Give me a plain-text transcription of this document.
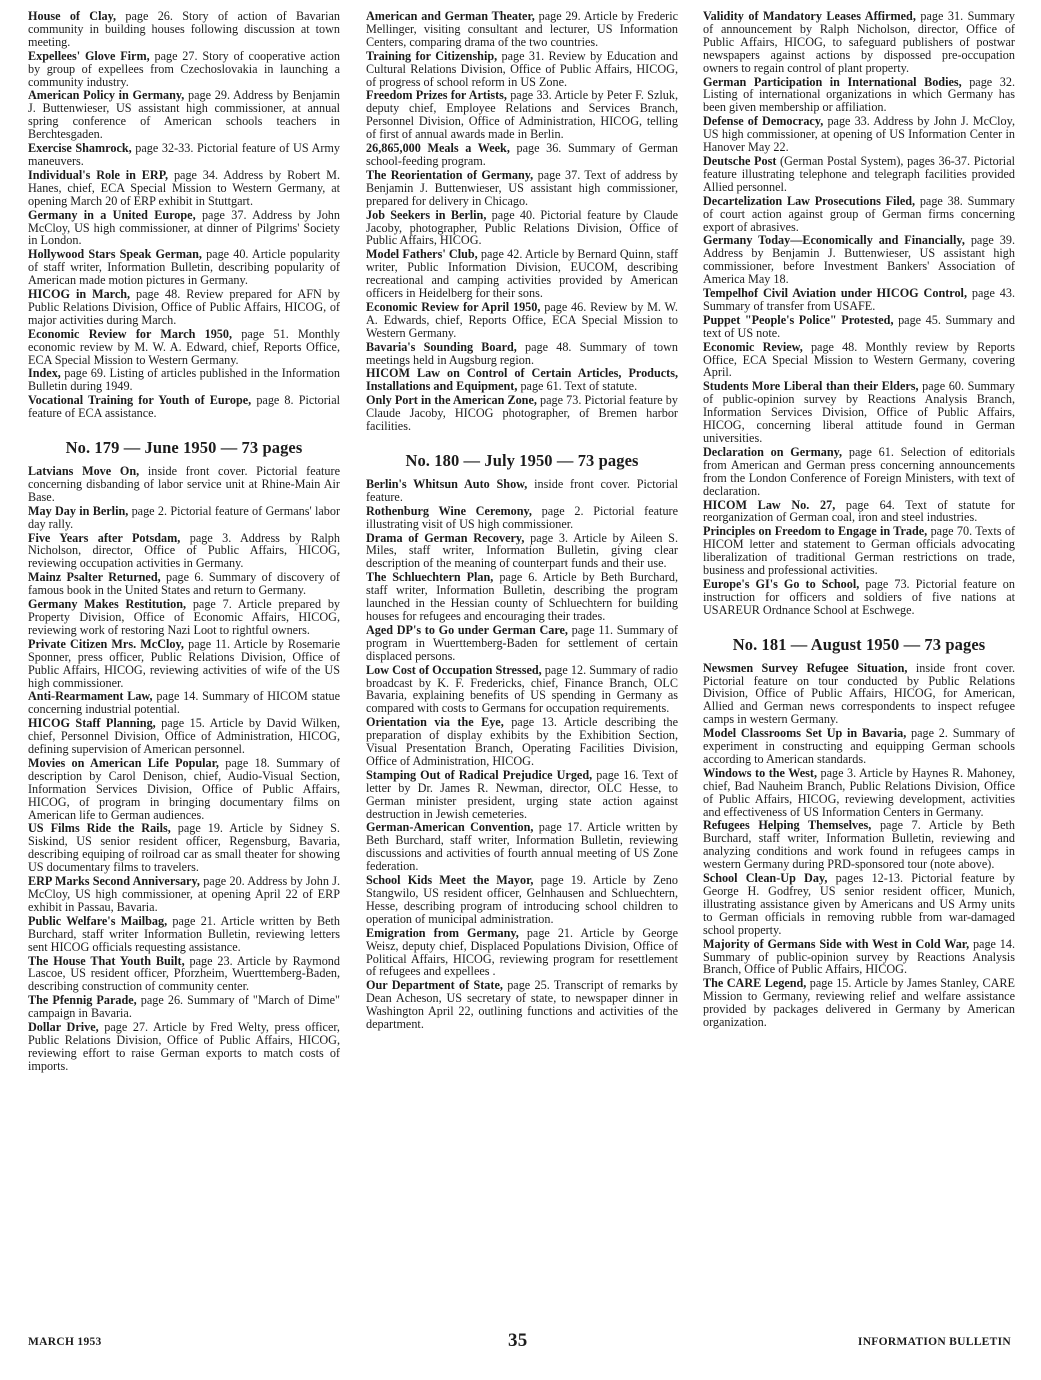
House of Clay, page 26. Story of action of Bavarian community in building houses following discussion at town meeting.

Expellees' Glove Firm, page 27. Story of cooperative action by group of expellees from Czechoslovakia in launching a community industry.

American Policy in Germany, page 29. Address by Benjamin J. Buttenwieser, US assistant high commissioner, at annual spring conference of American schools teachers in Berchtesgaden.

Exercise Shamrock, page 32-33. Pictorial feature of US Army maneuvers.

Individual's Role in ERP, page 34. Address by Robert M. Hanes, chief, ECA Special Mission to Western Germany, at opening March 20 of ERP exhibit in Stuttgart.

Germany in a United Europe, page 37. Address by John McCloy, US high commissioner, at dinner of Pilgrims' Society in London.

Hollywood Stars Speak German, page 40. Article popularity of staff writer, Information Bulletin, describing popularity of American made motion pictures in Germany.

HICOG in March, page 48. Review prepared for AFN by Public Relations Division, Office of Public Affairs, HICOG, of major activities during March.

Economic Review for March 1950, page 51. Monthly economic review by M. W. A. Edward, chief, Reports Office, ECA Special Mission to Western Germany.

Index, page 69. Listing of articles published in the Information Bulletin during 1949.

Vocational Training for Youth of Europe, page 8. Pictorial feature of ECA assistance.

No. 179 — June 1950 — 73 pages

Latvians Move On, inside front cover. Pictorial feature concerning disbanding of labor service unit at Rhine-Main Air Base.

May Day in Berlin, page 2. Pictorial feature of Germans' labor day rally.

Five Years after Potsdam, page 3. Address by Ralph Nicholson, director, Office of Public Affairs, HICOG, reviewing occupation activities in Germany.

Mainz Psalter Returned, page 6. Summary of discovery of famous book in the United States and return to Germany.

Germany Makes Restitution, page 7. Article prepared by Property Division, Office of Economic Affairs, HICOG, reviewing work of restoring Nazi Loot to rightful owners.

Private Citizen Mrs. McCloy, page 11. Article by Rosemarie Sponner, press officer, Public Relations Division, Office of Public Affairs, HICOG, reviewing activities of wife of the US high commissioner.

Anti-Rearmament Law, page 14. Summary of HICOM statue concerning industrial potential.

HICOG Staff Planning, page 15. Article by David Wilken, chief, Personnel Division, Office of Administration, HICOG, defining supervision of American personnel.

Movies on American Life Popular, page 18. Summary of description by Carol Denison, chief, Audio-Visual Section, Information Services Division, Office of Public Affairs, HICOG, of program in bringing documentary films on American life to German audiences.

US Films Ride the Rails, page 19. Article by Sidney S. Siskind, US senior resident officer, Regensburg, Bavaria, describing equiping of roilroad car as small theater for showing US documentary films to travelers.

ERP Marks Second Anniversary, page 20. Address by John J. McCloy, US high commissioner, at opening April 22 of ERP exhibit in Passau, Bavaria.

Public Welfare's Mailbag, page 21. Article written by Beth Burchard, staff writer Information Bulletin, reviewing letters sent HICOG officials requesting assistance.

The House That Youth Built, page 23. Article by Raymond Lascoe, US resident officer, Pforzheim, Wuerttemberg-Baden, describing construction of community center.

The Pfennig Parade, page 26. Summary of "March of Dime" campaign in Bavaria.

Dollar Drive, page 27. Article by Fred Welty, press officer, Public Relations Division, Office of Public Affairs, HICOG, reviewing effort to raise German exports to match costs of imports.

American and German Theater, page 29. Article by Frederic Mellinger, visiting consultant and lecturer, US Information Centers, comparing drama of the two countries.

Training for Citizenship, page 31. Review by Education and Cultural Relations Division, Office of Public Affairs, HICOG, of progress of school reform in US Zone.

Freedom Prizes for Artists, page 33. Article by Peter F. Szluk, deputy chief, Employee Relations and Services Branch, Personnel Division, Office of Administration, HICOG, telling of first of annual awards made in Berlin.

26,865,000 Meals a Week, page 36. Summary of German school-feeding program.

The Reorientation of Germany, page 37. Text of address by Benjamin J. Buttenwieser, US assistant high commissioner, prepared for delivery in Chicago.

Job Seekers in Berlin, page 40. Pictorial feature by Claude Jacoby, photographer, Public Relations Division, Office of Public Affairs, HICOG.

Model Fathers' Club, page 42. Article by Bernard Quinn, staff writer, Public Information Division, EUCOM, describing recreational and camping activities provided by American officers in Heidelberg for their sons.

Economic Review for April 1950, page 46. Review by M. W. A. Edwards, chief, Reports Office, ECA Special Mission to Western Germany.

Bavaria's Sounding Board, page 48. Summary of town meetings held in Augsburg region.

HICOM Law on Control of Certain Articles, Products, Installations and Equipment, page 61. Text of statute.

Only Port in the American Zone, page 73. Pictorial feature by Claude Jacoby, HICOG photographer, of Bremen harbor facilities.

No. 180 — July 1950 — 73 pages

Berlin's Whitsun Auto Show, inside front cover. Pictorial feature.

Rothenburg Wine Ceremony, page 2. Pictorial feature illustrating visit of US high commissioner.

Drama of German Recovery, page 3. Article by Aileen S. Miles, staff writer, Information Bulletin, giving clear description of the meaning of counterpart funds and their use.

The Schluechtern Plan, page 6. Article by Beth Burchard, staff writer, Information Bulletin, describing the program launched in the Hessian county of Schluechtern for building houses for refugees and encouraging their trades.

Aged DP's to Go under German Care, page 11. Summary of program in Wuerttemberg-Baden for settlement of certain displaced persons.

Low Cost of Occupation Stressed, page 12. Summary of radio broadcast by K. F. Fredericks, chief, Finance Branch, OLC Bavaria, explaining benefits of US spending in Germany as compared with costs to Germans for occupation requirements.

Orientation via the Eye, page 13. Article describing the preparation of display exhibits by the Exhibition Section, Visual Presentation Branch, Operating Facilities Division, Office of Administration, HICOG.

Stamping Out of Radical Prejudice Urged, page 16. Text of letter by Dr. James R. Newman, director, OLC Hesse, to German minister president, urging state action against destruction in Jewish cemeteries.

German-American Convention, page 17. Article written by Beth Burchard, staff writer, Information Bulletin, reviewing discussions and activities of fourth annual meeting of US Zone federation.

School Kids Meet the Mayor, page 19. Article by Zeno Stangwilo, US resident officer, Gelnhausen and Schluechtern, Hesse, describing program of introducing school children to operation of municipal administration.

Emigration from Germany, page 21. Article by George Weisz, deputy chief, Displaced Populations Division, Office of Political Affairs, HICOG, reviewing program for resettlement of refugees and expellees .

Our Department of State, page 25. Transcript of remarks by Dean Acheson, US secretary of state, to newspaper dinner in Washington April 22, outlining functions and activities of the department.

Validity of Mandatory Leases Affirmed, page 31. Summary of announcement by Ralph Nicholson, director, Office of Public Affairs, HICOG, to safeguard publishers of postwar newspapers against actions by dispossed pre-occupation owners to regain control of plant property.

German Participation in International Bodies, page 32. Listing of international organizations in which Germany has been given membership or affiliation.

Defense of Democracy, page 33. Address by John J. McCloy, US high commissioner, at opening of US Information Center in Hanover May 22.

Deutsche Post (German Postal System), pages 36-37. Pictorial feature illustrating telephone and telegraph facilities provided Allied personnel.

Decartelization Law Prosecutions Filed, page 38. Summary of court action against group of German firms concerning export of abrasives.

Germany Today—Economically and Financially, page 39. Address by Benjamin J. Buttenwieser, US assistant high commissioner, before Investment Bankers' Association of America May 18.

Tempelhof Civil Aviation under HICOG Control, page 43. Summary of transfer from USAFE.

Puppet "People's Police" Protested, page 45. Summary and text of US note.

Economic Review, page 48. Monthly review by Reports Office, ECA Special Mission to Western Germany, covering April.

Students More Liberal than their Elders, page 60. Summary of public-opinion survey by Reactions Analysis Branch, Information Services Division, Office of Public Affairs, HICOG, concerning liberal attitude found in German universities.

Declaration on Germany, page 61. Selection of editorials from American and German press concerning announcements from the London Conference of Foreign Ministers, with text of declaration.

HICOM Law No. 27, page 64. Text of statute for reorganization of German coal, iron and steel industries.

Principles on Freedom to Engage in Trade, page 70. Texts of HICOM letter and statement to German officials advocating liberalization of traditional German restrictions on trade, business and professional activities.

Europe's GI's Go to School, page 73. Pictorial feature on instruction for officers and soldiers of five nations at USAREUR Ordnance School at Eschwege.

No. 181 — August 1950 — 73 pages

Newsmen Survey Refugee Situation, inside front cover. Pictorial feature on tour conducted by Public Relations Division, Office of Public Affairs, HICOG, for American, Allied and German news correspondents to inspect refugee camps in western Germany.

Model Classrooms Set Up in Bavaria, page 2. Summary of experiment in constructing and equipping German schools according to American standards.

Windows to the West, page 3. Article by Haynes R. Mahoney, chief, Bad Nauheim Branch, Public Relations Division, Office of Public Affairs, HICOG, reviewing development, activities and effectiveness of US Information Centers in Germany.

Refugees Helping Themselves, page 7. Article by Beth Burchard, staff writer, Information Bulletin, reviewing and analyzing conditions and work found in refugees camps in western Germany during PRD-sponsored tour (note above).

School Clean-Up Day, pages 12-13. Pictorial feature by George H. Godfrey, US senior resident officer, Munich, illustrating assistance given by Americans and US Army units to German officials in removing rubble from war-damaged school property.

Majority of Germans Side with West in Cold War, page 14. Summary of public-opinion survey by Reactions Analysis Branch, Office of Public Affairs, HICOG.

The CARE Legend, page 15. Article by James Stanley, CARE Mission to Germany, reviewing relief and welfare assistance provided by packages delivered in Germany by American organization.

MARCH 1953	35	INFORMATION BULLETIN
